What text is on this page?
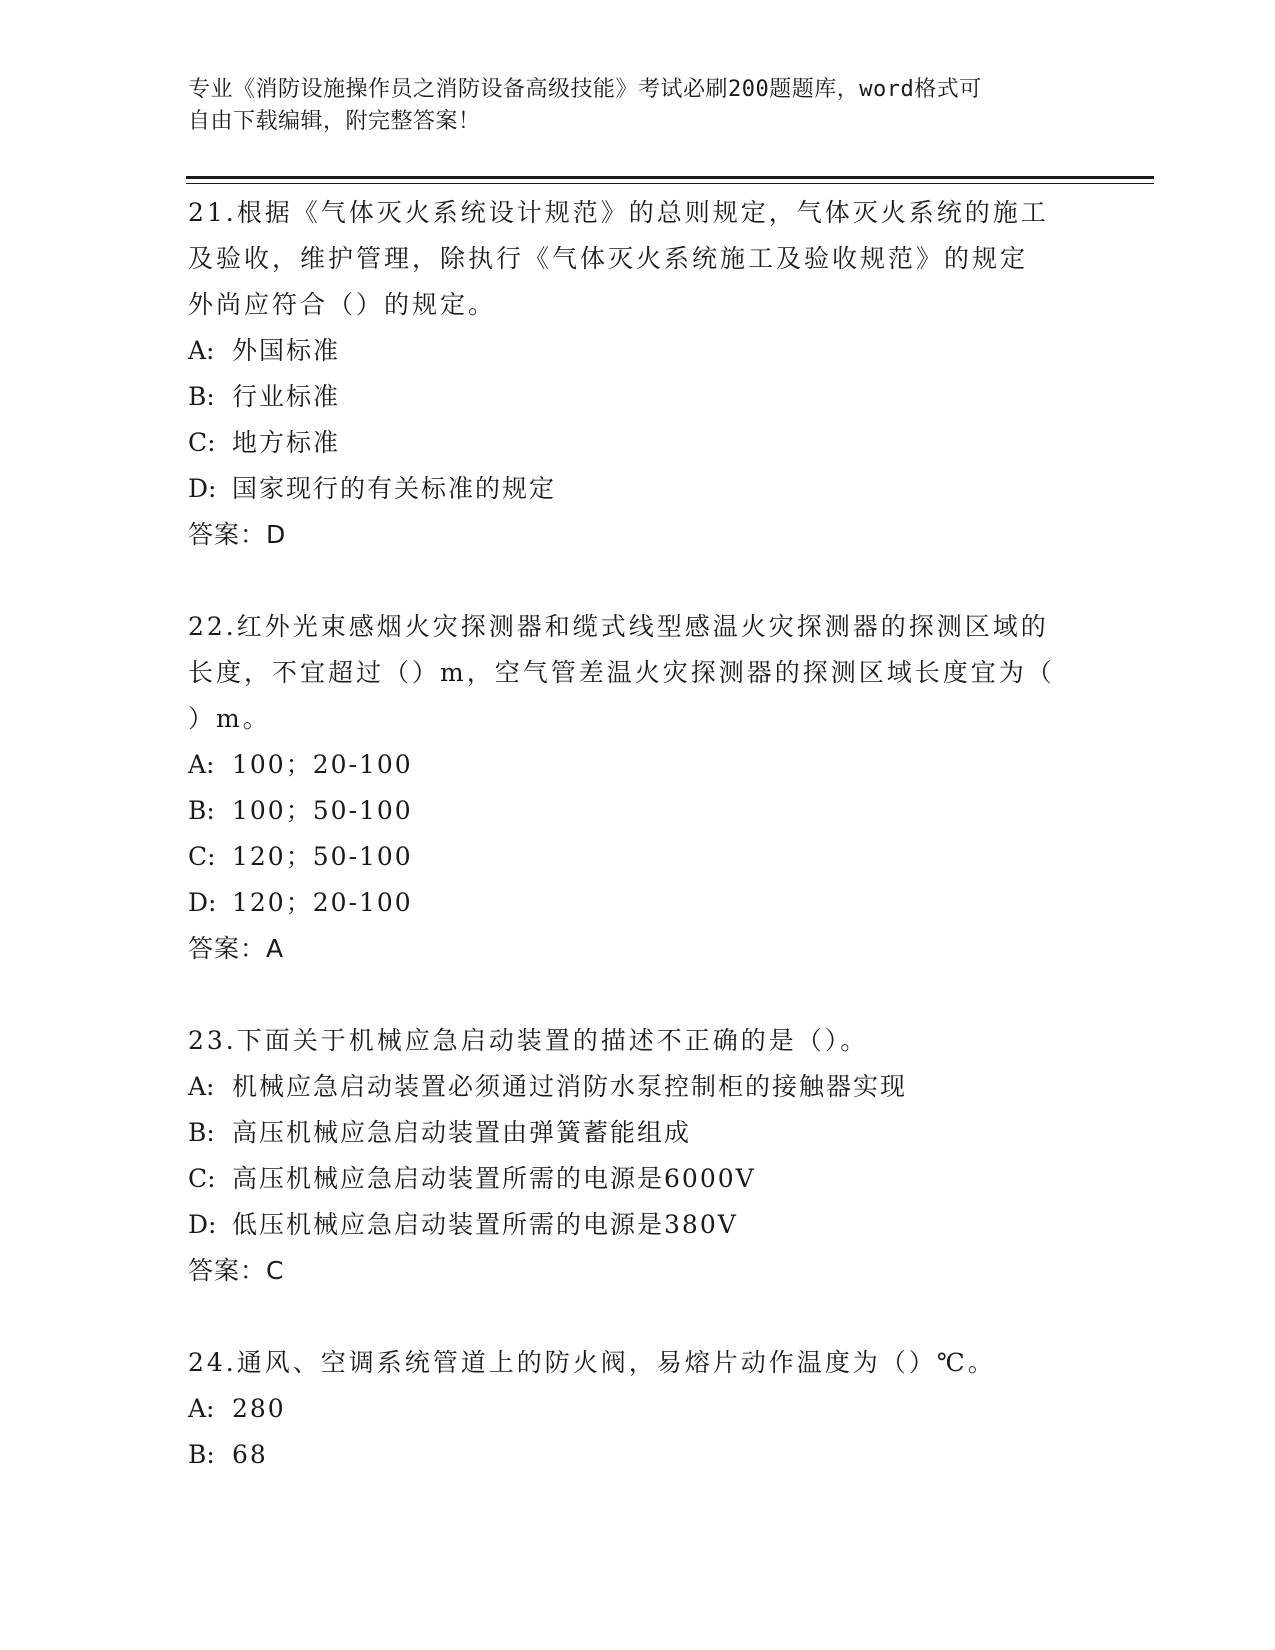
专业《消防设施操作员之消防设备高级技能》考试必刷200题题库，word格式可

自由下载编辑，附完整答案！

21.根据《气体灭火系统设计规范》的总则规定，气体灭火系统的施工
及验收，维护管理，除执行《气体灭火系统施工及验收规范》的规定
外尚应符合（）的规定。
A: 外国标准
B: 行业标准
C: 地方标准
D: 国家现行的有关标准的规定
答案：D
22.红外光束感烟火灾探测器和缆式线型感温火灾探测器的探测区域的
长度，不宜超过（）m，空气管差温火灾探测器的探测区域长度宜为（
）m。
A: 100；20-100
B: 100；50-100
C: 120；50-100
D: 120；20-100
答案：A
23.下面关于机械应急启动装置的描述不正确的是（）。
A: 机械应急启动装置必须通过消防水泵控制柜的接触器实现
B: 高压机械应急启动装置由弹簧蓄能组成
C: 高压机械应急启动装置所需的电源是6000V
D: 低压机械应急启动装置所需的电源是380V
答案：C
24.通风、空调系统管道上的防火阀，易熔片动作温度为（）℃。
A: 280
B: 68
